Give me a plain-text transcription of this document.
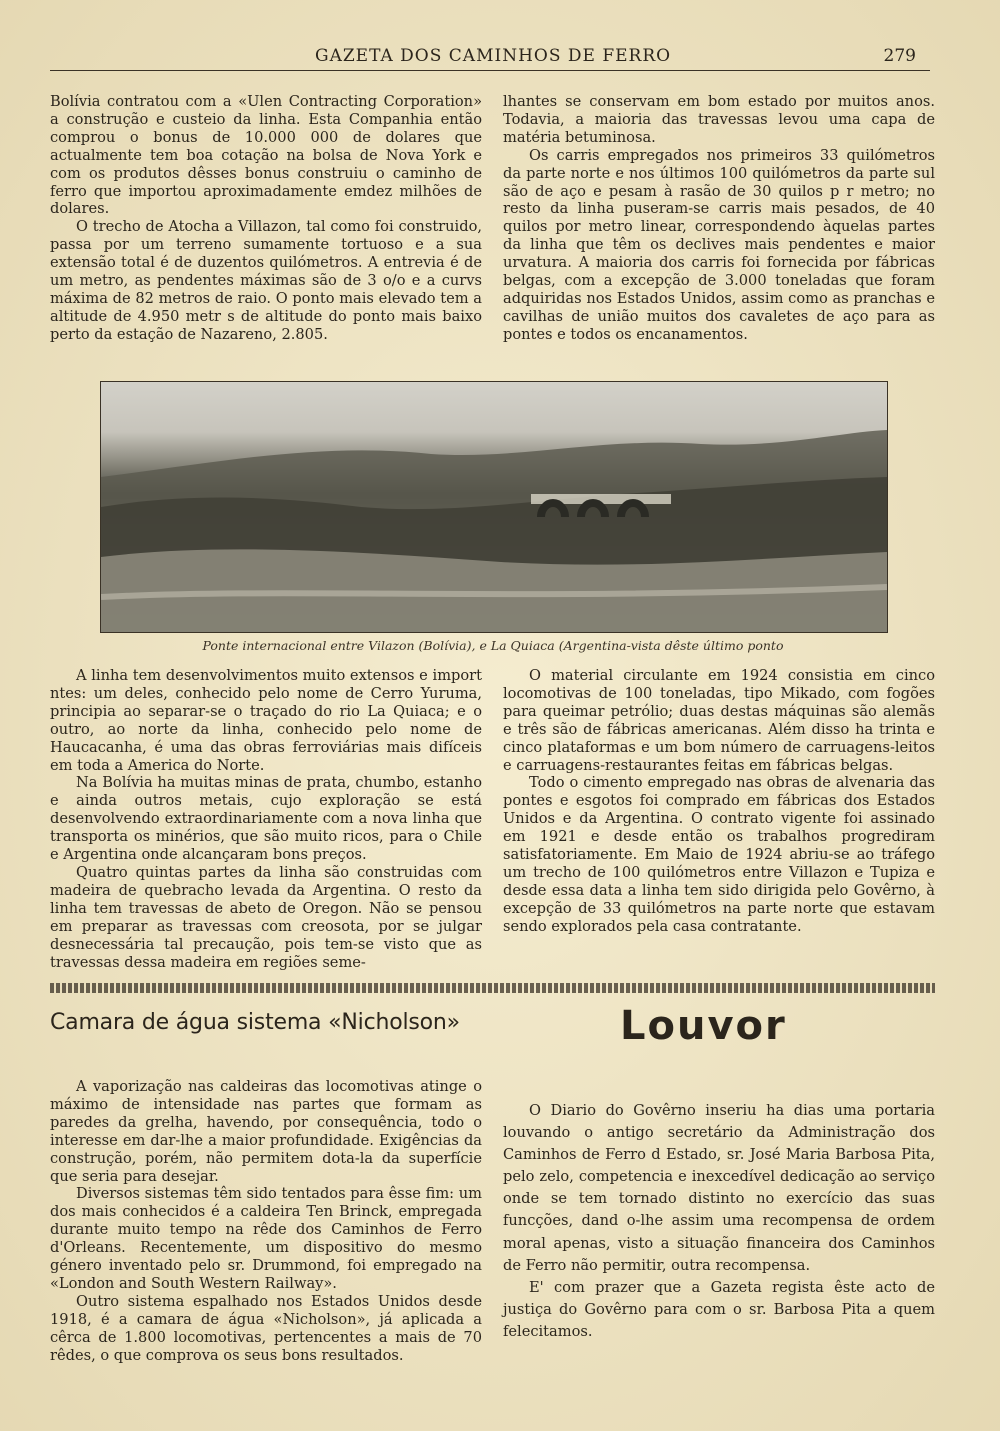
GAZETA DOS CAMINHOS DE FERRO	279

Bolívia contratou com a «Ulen Contracting Corporation» a construção e custeio da linha. Esta Companhia então comprou o bonus de 10.000 000 de dolares que actualmente tem boa cotação na bolsa de Nova York e com os produtos dêsses bonus construiu o caminho de ferro que importou aproximadamente emdez milhões de dolares.

O trecho de Atocha a Villazon, tal como foi construido, passa por um terreno sumamente tortuoso e a sua extensão total é de duzentos quilómetros. A entrevia é de um metro, as pendentes máximas são de 3 o/o e a curvs máxima de 82 metros de raio. O ponto mais elevado tem a altitude de 4.950 metr s de altitude do ponto mais baixo perto da estação de Nazareno, 2.805.

lhantes se conservam em bom estado por muitos anos. Todavia, a maioria das travessas levou uma capa de matéria betuminosa.

Os carris empregados nos primeiros 33 quilómetros da parte norte e nos últimos 100 quilómetros da parte sul são de aço e pesam à rasão de 30 quilos p r metro; no resto da linha puseram-se carris mais pesados, de 40 quilos por metro linear, correspondendo àquelas partes da linha que têm os declives mais pendentes e maior urvatura. A maioria dos carris foi fornecida por fábricas belgas, com a excepção de 3.000 toneladas que foram adquiridas nos Estados Unidos, assim como as pranchas e cavilhas de união muitos dos cavaletes de aço para as pontes e todos os encanamentos.

Ponte internacional entre Vilazon (Bolívia), e La Quiaca (Argentina-vista dêste último ponto

A linha tem desenvolvimentos muito extensos e import ntes: um deles, conhecido pelo nome de Cerro Yuruma, principia ao separar-se o traçado do rio La Quiaca; e o outro, ao norte da linha, conhecido pelo nome de Haucacanha, é uma das obras ferroviárias mais difíceis em toda a America do Norte.

Na Bolívia ha muitas minas de prata, chumbo, estanho e ainda outros metais, cujo exploração se está desenvolvendo extraordinariamente com a nova linha que transporta os minérios, que são muito ricos, para o Chile e Argentina onde alcançaram bons preços.

Quatro quintas partes da linha são construidas com madeira de quebracho levada da Argentina. O resto da linha tem travessas de abeto de Oregon. Não se pensou em preparar as travessas com creosota, por se julgar desnecessária tal precaução, pois tem-se visto que as travessas dessa madeira em regiões seme-

O material circulante em 1924 consistia em cinco locomotivas de 100 toneladas, tipo Mikado, com fogões para queimar petrólio; duas destas máquinas são alemãs e três são de fábricas americanas. Além disso ha trinta e cinco plataformas e um bom número de carruagens-leitos e carruagens-restaurantes feitas em fábricas belgas.

Todo o cimento empregado nas obras de alvenaria das pontes e esgotos foi comprado em fábricas dos Estados Unidos e da Argentina. O contrato vigente foi assinado em 1921 e desde então os trabalhos progrediram satisfatoriamente. Em Maio de 1924 abriu-se ao tráfego um trecho de 100 quilómetros entre Villazon e Tupiza e desde essa data a linha tem sido dirigida pelo Govêrno, à excepção de 33 quilómetros na parte norte que estavam sendo explorados pela casa contratante.

Camara de água sistema «Nicholson»

A vaporização nas caldeiras das locomotivas atinge o máximo de intensidade nas partes que formam as paredes da grelha, havendo, por consequência, todo o interesse em dar-lhe a maior profundidade. Exigências da construção, porém, não permitem dota-la da superfície que seria para desejar.

Diversos sistemas têm sido tentados para êsse fim: um dos mais conhecidos é a caldeira Ten Brinck, empregada durante muito tempo na rêde dos Caminhos de Ferro d'Orleans. Recentemente, um dispositivo do mesmo género inventado pelo sr. Drummond, foi empregado na «London and South Western Railway».

Outro sistema espalhado nos Estados Unidos desde 1918, é a camara de água «Nicholson», já aplicada a cêrca de 1.800 locomotivas, pertencentes a mais de 70 rêdes, o que comprova os seus bons resultados.

Louvor

O Diario do Govêrno inseriu ha dias uma portaria louvando o antigo secretário da Administração dos Caminhos de Ferro d Estado, sr. José Maria Barbosa Pita, pelo zelo, competencia e inexcedível dedicação ao serviço onde se tem tornado distinto no exercício das suas funcções, dand o-lhe assim uma recompensa de ordem moral apenas, visto a situação financeira dos Caminhos de Ferro não permitir, outra recompensa.

E' com prazer que a Gazeta regista êste acto de justiça do Govêrno para com o sr. Barbosa Pita a quem felecitamos.
